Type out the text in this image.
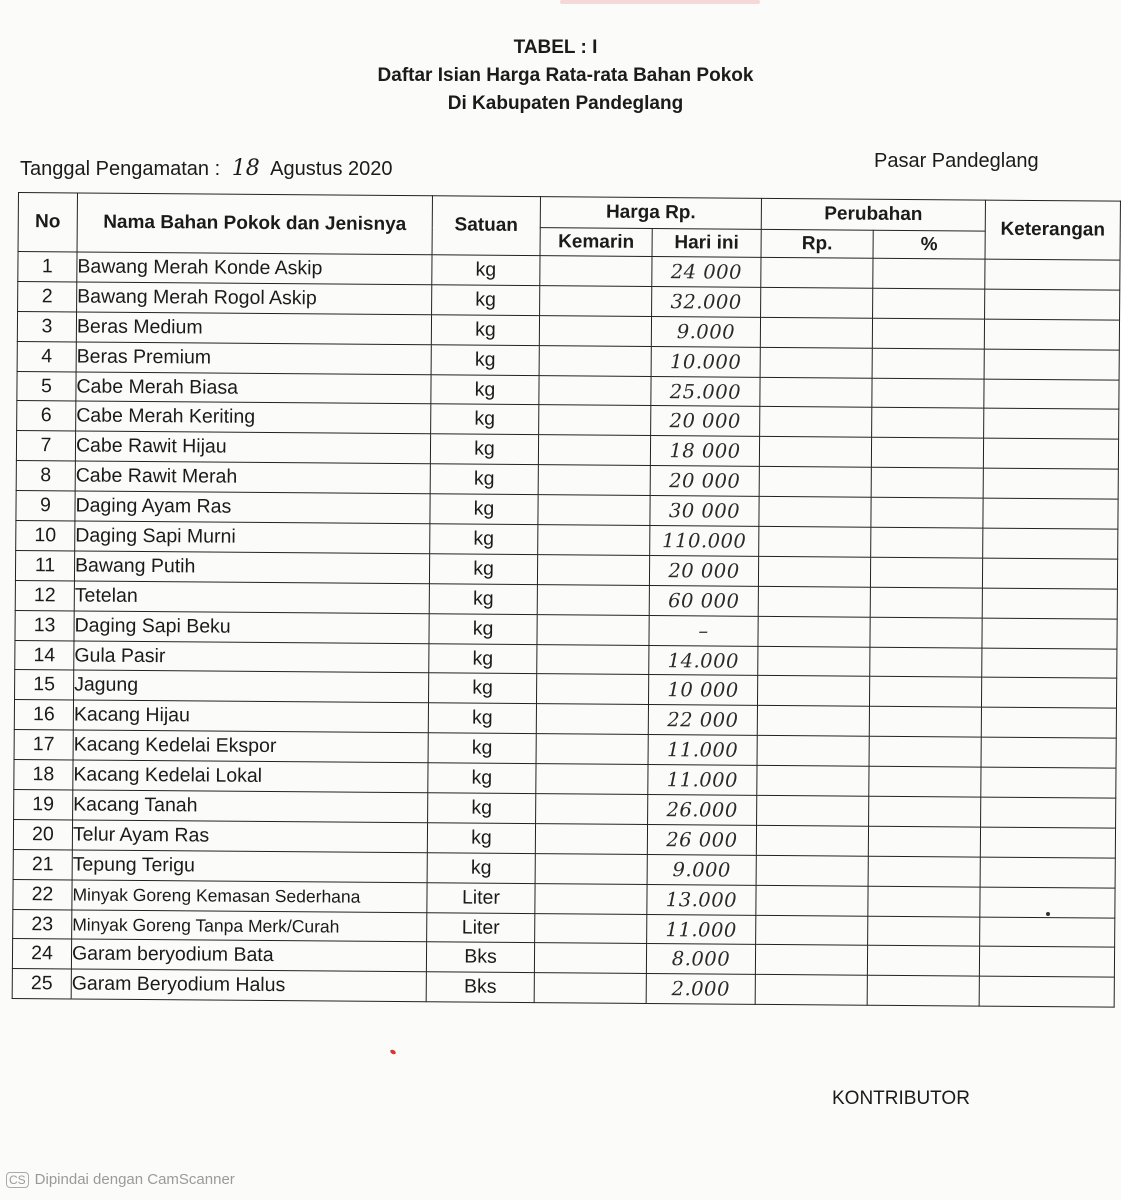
TABEL : I
Daftar Isian Harga Rata-rata Bahan Pokok
Di Kabupaten Pandeglang
Tanggal Pengamatan : 18 Agustus 2020	Pasar Pandeglang
No	Nama Bahan Pokok dan Jenisnya	Satuan	Harga Rp.		Perubahan		Keterangan
			Kemarin	Hari ini	Rp.	%	
1	Bawang Merah Konde Askip	kg		24 000			
2	Bawang Merah Rogol Askip	kg		32.000			
3	Beras Medium	kg		9.000			
4	Beras Premium	kg		10.000			
5	Cabe Merah Biasa	kg		25.000			
6	Cabe Merah Keriting	kg		20 000			
7	Cabe Rawit Hijau	kg		18 000			
8	Cabe Rawit Merah	kg		20 000			
9	Daging Ayam Ras	kg		30 000			
10	Daging Sapi Murni	kg		110.000			
11	Bawang Putih	kg		20 000			
12	Tetelan	kg		60 000			
13	Daging Sapi Beku	kg		–			
14	Gula Pasir	kg		14.000			
15	Jagung	kg		10 000			
16	Kacang Hijau	kg		22 000			
17	Kacang Kedelai Ekspor	kg		11.000			
18	Kacang Kedelai Lokal	kg		11.000			
19	Kacang Tanah	kg		26.000			
20	Telur Ayam Ras	kg		26 000			
21	Tepung Terigu	kg		9.000			
22	Minyak Goreng Kemasan Sederhana	Liter		13.000			
23	Minyak Goreng Tanpa Merk/Curah	Liter		11.000			
24	Garam beryodium Bata	Bks		8.000			
25	Garam Beryodium Halus	Bks		2.000			
KONTRIBUTOR
CS Dipindai dengan CamScanner
